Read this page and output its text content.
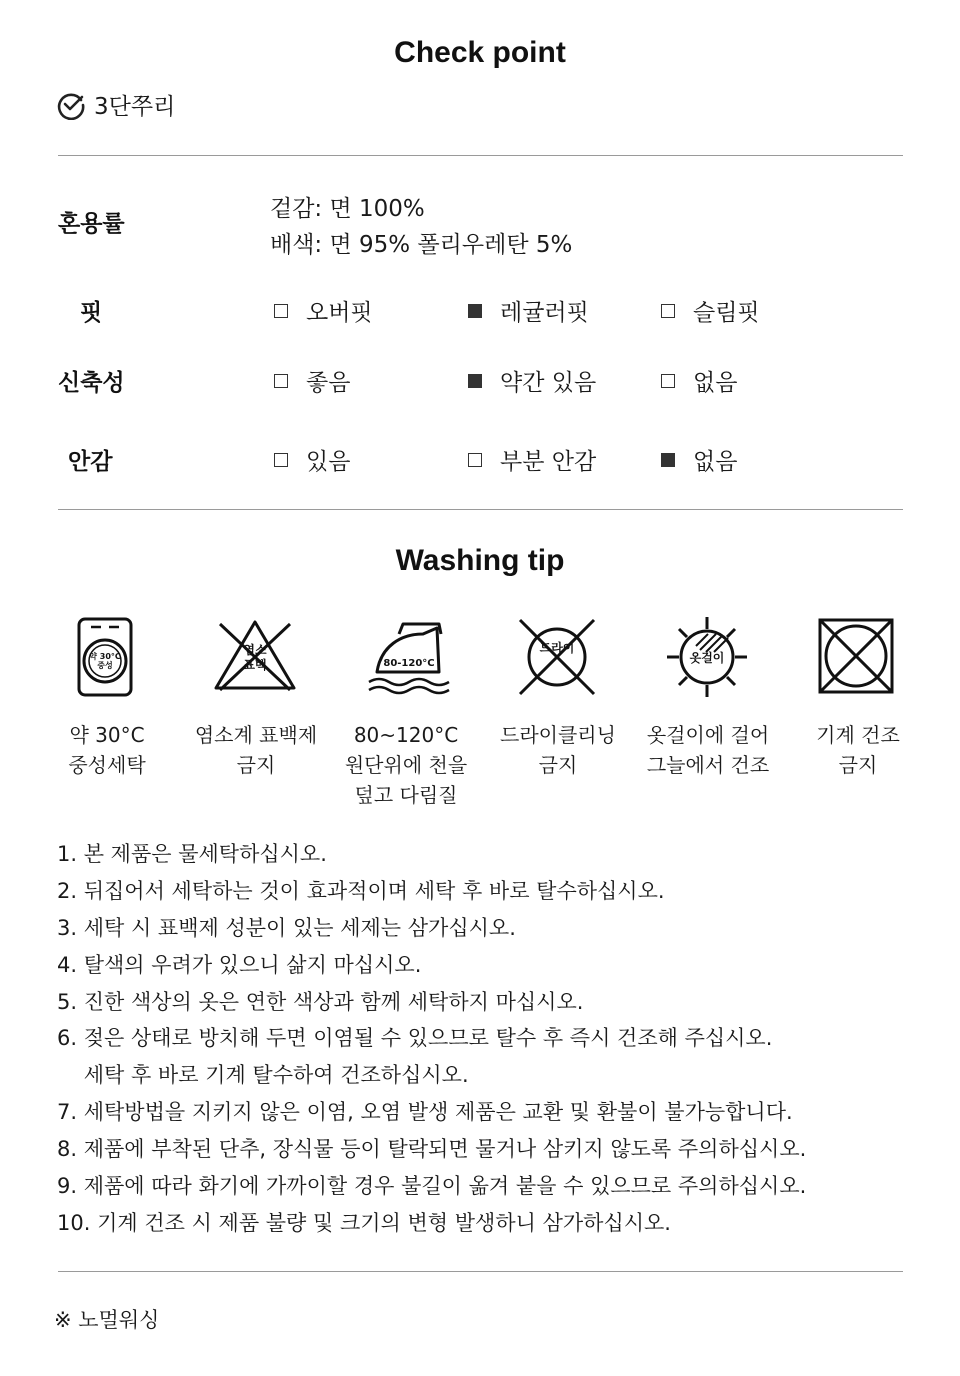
Check point
3단쭈리
혼용률
겉감: 면 100%
배색: 면 95% 폴리우레탄 5%
핏	오버핏	레귤러핏	슬림핏
신축성	좋음	약간 있음	없음
안감	있음	부분 안감	없음
Washing tip
약 30°C
중성
염소
표백	80-120°C
드라이
옷걸이
약 30°C
중성세탁
염소계 표백제
금지
80~120°C
원단위에 천을
덮고 다림질
드라이클리닝
금지
옷걸이에 걸어
그늘에서 건조
기계 건조
금지
1. 본 제품은 물세탁하십시오.
2. 뒤집어서 세탁하는 것이 효과적이며 세탁 후 바로 탈수하십시오.
3. 세탁 시 표백제 성분이 있는 세제는 삼가십시오.
4. 탈색의 우려가 있으니 삶지 마십시오.
5. 진한 색상의 옷은 연한 색상과 함께 세탁하지 마십시오.
6. 젖은 상태로 방치해 두면 이염될 수 있으므로 탈수 후 즉시 건조해 주십시오.
세탁 후 바로 기계 탈수하여 건조하십시오.
7. 세탁방법을 지키지 않은 이염, 오염 발생 제품은 교환 및 환불이 불가능합니다.
8. 제품에 부착된 단추, 장식물 등이 탈락되면 물거나 삼키지 않도록 주의하십시오.
9. 제품에 따라 화기에 가까이할 경우 불길이 옮겨 붙을 수 있으므로 주의하십시오.
10. 기계 건조 시 제품 불량 및 크기의 변형 발생하니 삼가하십시오.
※ 노멀워싱
